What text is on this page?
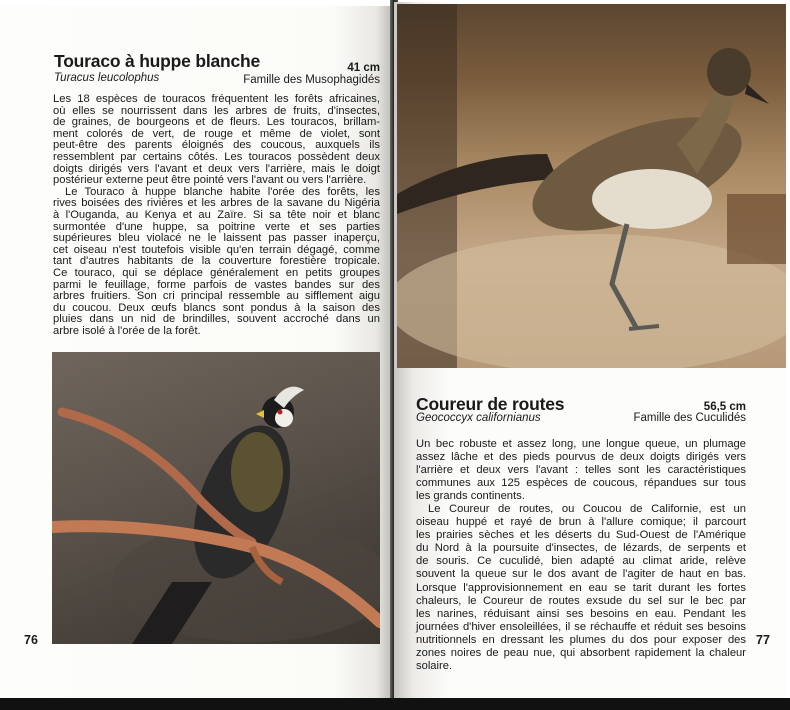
Touraco à huppe blanche	41 cm
Turacus leucolophus	Famille des Musophagidés
Les 18 espèces de touracos fréquentent les forêts africaines,
où elles se nourrissent dans les arbres de fruits, d'insectes,
de graines, de bourgeons et de fleurs. Les touracos, brillam-
ment colorés de vert, de rouge et même de violet, sont
peut-être des parents éloignés des coucous, auxquels ils
ressemblent par certains côtés. Les touracos possèdent deux
doigts dirigés vers l'avant et deux vers l'arrière, mais le doigt
postérieur externe peut être pointé vers l'avant ou vers l'arrière.
Le Touraco à huppe blanche habite l'orée des forêts, les
rives boisées des rivières et les arbres de la savane du Nigéria
à l'Ouganda, au Kenya et au Zaïre. Si sa tête noir et blanc
surmontée d'une huppe, sa poitrine verte et ses parties
supérieures bleu violacé ne le laissent pas passer inaperçu,
cet oiseau n'est toutefois visible qu'en terrain dégagé, comme
tant d'autres habitants de la couverture forestière tropicale.
Ce touraco, qui se déplace généralement en petits groupes
parmi le feuillage, forme parfois de vastes bandes sur des
arbres fruitiers. Son cri principal ressemble au sifflement aigu
du coucou. Deux œufs blancs sont pondus à la saison des
pluies dans un nid de brindilles, souvent accroché dans un
arbre isolé à l'orée de la forêt.
76
Coureur de routes	56,5 cm
Geococcyx californianus	Famille des Cuculidés
Un bec robuste et assez long, une longue queue, un plumage
assez lâche et des pieds pourvus de deux doigts dirigés vers
l'arrière et deux vers l'avant : telles sont les caractéristiques
communes aux 125 espèces de coucous, répandues sur tous
les grands continents.
Le Coureur de routes, ou Coucou de Californie, est un
oiseau huppé et rayé de brun à l'allure comique; il parcourt
les prairies sèches et les déserts du Sud-Ouest de l'Amérique
du Nord à la poursuite d'insectes, de lézards, de serpents et
de souris. Ce cuculidé, bien adapté au climat aride, relève
souvent la queue sur le dos avant de l'agiter de haut en bas.
Lorsque l'approvisionnement en eau se tarit durant les fortes
chaleurs, le Coureur de routes exsude du sel sur le bec par
les narines, réduisant ainsi ses besoins en eau. Pendant les
journées d'hiver ensoleillées, il se réchauffe et réduit ses besoins
nutritionnels en dressant les plumes du dos pour exposer des
zones noires de peau nue, qui absorbent rapidement la chaleur
solaire.
77
